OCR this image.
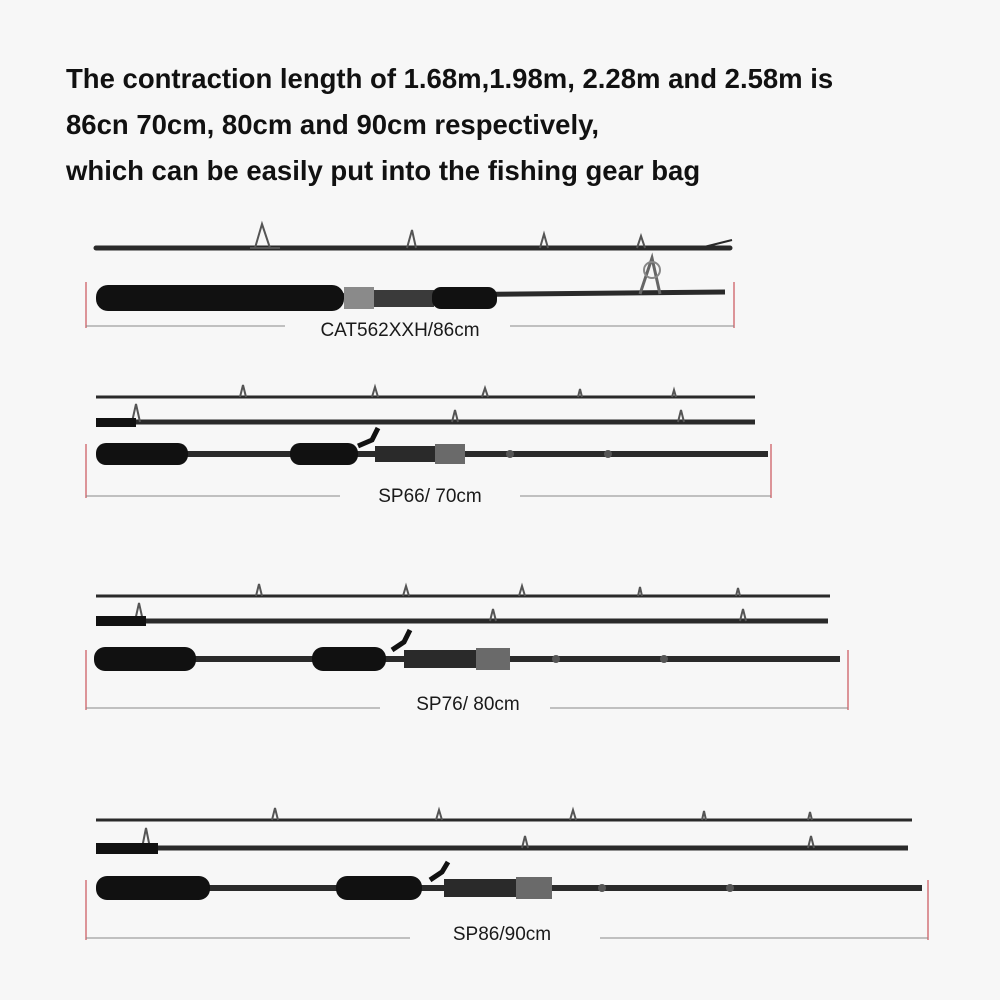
The contraction length of 1.68m,1.98m, 2.28m and 2.58m is
86cn 70cm, 80cm and 90cm respectively,
which can be easily put into the fishing gear bag
CAT562XXH/86cm
SP66/ 70cm
SP76/ 80cm
SP86/90cm
